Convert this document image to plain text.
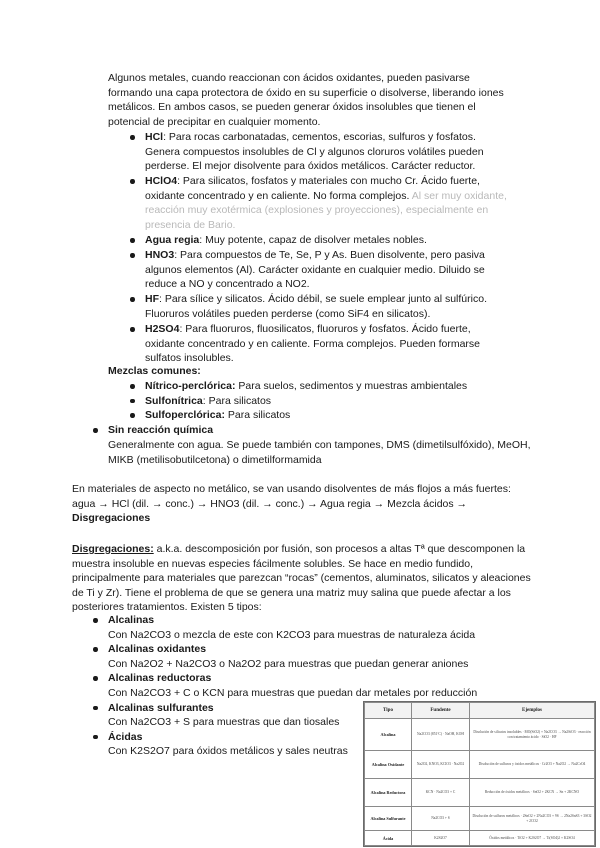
Algunos metales, cuando reaccionan con ácidos oxidantes, pueden pasivarse formando una capa protectora de óxido en su superficie o disolverse, liberando iones metálicos. En ambos casos, se pueden generar óxidos insolubles que tienen el potencial de precipitar en cualquier momento.

HCl: Para rocas carbonatadas, cementos, escorias, sulfuros y fosfatos. Genera compuestos insolubles de Cl y algunos cloruros volátiles pueden perderse. El mejor disolvente para óxidos metálicos. Carácter reductor.
HClO4: Para silicatos, fosfatos y materiales con mucho Cr. Ácido fuerte, oxidante concentrado y en caliente. No forma complejos. Al ser muy oxidante, reacción muy exotérmica (explosiones y proyecciones), especialmente en presencia de Bario.
Agua regia: Muy potente, capaz de disolver metales nobles.
HNO3: Para compuestos de Te, Se, P y As. Buen disolvente, pero pasiva algunos elementos (Al). Carácter oxidante en cualquier medio. Diluido se reduce a NO y concentrado a NO2.
HF: Para sílice y silicatos. Ácido débil, se suele emplear junto al sulfúrico. Fluoruros volátiles pueden perderse (como SiF4 en silicatos).
H2SO4: Para fluoruros, fluosilicatos, fluoruros y fosfatos. Ácido fuerte, oxidante concentrado y en caliente. Forma complejos. Pueden formarse sulfatos insolubles.

Mezclas comunes:

Nítrico-perclórica: Para suelos, sedimentos y muestras ambientales
Sulfonítrica: Para silicatos
Sulfoperclórica: Para silicatos
Sin reacción química

Generalmente con agua. Se puede también con tampones, DMS (dimetilsulfóxido), MeOH, MIKB (metilisobutilcetona) o dimetilformamida

En materiales de aspecto no metálico, se van usando disolventes de más flojos a más fuertes: agua → HCl (dil. → conc.) → HNO3 (dil. → conc.) → Agua regia → Mezcla ácidos → Disgregaciones

Disgregaciones: a.k.a. descomposición por fusión, son procesos a altas Tª que descomponen la muestra insoluble en nuevas especies fácilmente solubles. Se hace en medio fundido, principalmente para materiales que parezcan “rocas” (cementos, aluminatos, silicatos y aleaciones de Ti y Zr). Tiene el problema de que se genera una matriz muy salina que puede afectar a los posteriores tratamientos. Existen 5 tipos:

Alcalinas
Con Na2CO3 o mezcla de este con K2CO3 para muestras de naturaleza ácida
Alcalinas oxidantes
Con Na2O2 + Na2CO3 o Na2O2 para muestras que puedan generar aniones
Alcalinas reductoras
Con Na2CO3 + C o KCN para muestras que puedan dar metales por reducción
Alcalinas sulfurantes
Con Na2CO3 + S para muestras que dan tiosales
Ácidas
Con K2S2O7 para óxidos metálicos y sales neutras
Tipo	Fundente	Ejemplos
Alcalina	Na2CO3 (851ºC) · NaOH, KOH	Disolución de silicatos insolubles · MO(SiO2) + Na2CO3 → Na2SiO3 · reacción con tratamiento ácido · SiO2 · HF
Alcalina Oxidante	Na2O2, KNO3, KClO3 · Na2O2	Disolución de sulfuros y óxidos metálicos · Cr2O3 + Na2O2 → Na2CrO4
Alcalina Reductora	KCN · Na2CO3 + C	Reducción de óxidos metálicos · SnO2 + 2KCN → Sn + 2KCNO
Alcalina Sulfurante	Na2CO3 + S	Disolución de sulfuros metálicos · 2SnO2 + 2Na2CO3 + 9S → 2Na2SnS3 + 3SO2 + 2CO2
Ácida	K2S2O7	Óxidos metálicos · TiO2 + K2S2O7 → Ti(SO4)2 + K2SO4
